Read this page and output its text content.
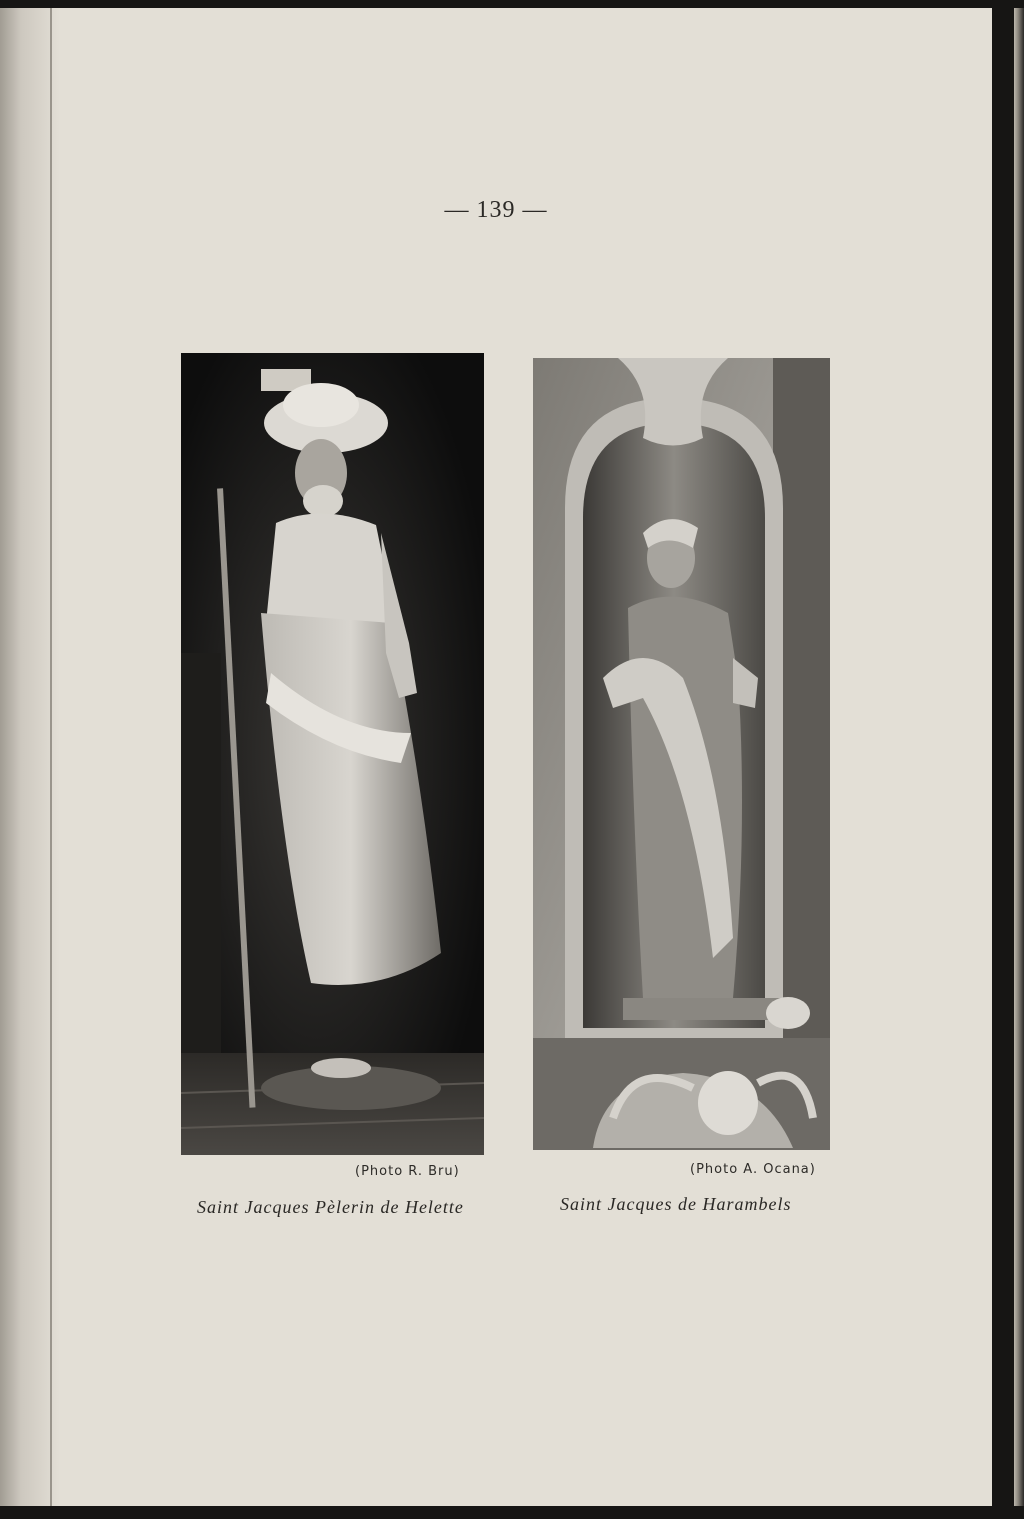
— 139 —
(Photo R. Bru)	(Photo A. Ocana)
Saint Jacques Pèlerin de Helette	Saint Jacques de Harambels
